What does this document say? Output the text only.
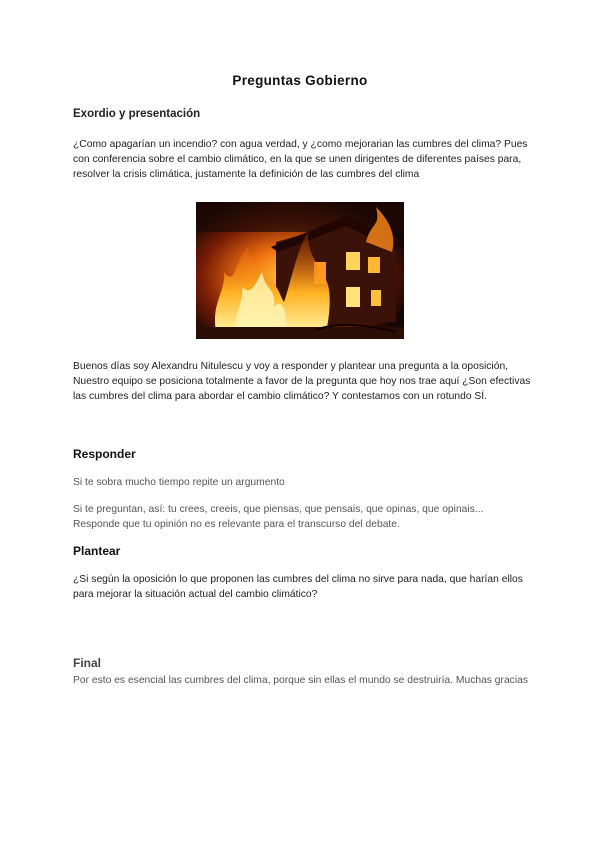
Preguntas Gobierno
Exordio y presentación

¿Como apagarían un incendio? con agua verdad, y ¿como mejorarian las cumbres del clima? Pues con conferencia sobre el cambio climático, en la que se unen dirigentes de diferentes países para, resolver la crisis climática, justamente la definición de las cumbres del clima

Buenos días soy Alexandru Nitulescu y voy a responder y plantear una pregunta a la oposición, Nuestro equipo se posiciona totalmente a favor de la pregunta que hoy nos trae aquí ¿Son efectivas las cumbres del clima para abordar el cambio climático? Y contestamos con un rotundo SÍ.

Responder

Si te sobra mucho tiempo repite un argumento

Si te preguntan, así: tu crees, creeis, que piensas, que pensais, que opinas, que opinais... Responde que tu opinión no es relevante para el transcurso del debate.

Plantear

¿Si según la oposición lo que proponen las cumbres del clima no sirve para nada, que harían ellos para mejorar la situación actual del cambio climático?

Final

Por esto es esencial las cumbres del clima, porque sin ellas el mundo se destruiría. Muchas gracias
